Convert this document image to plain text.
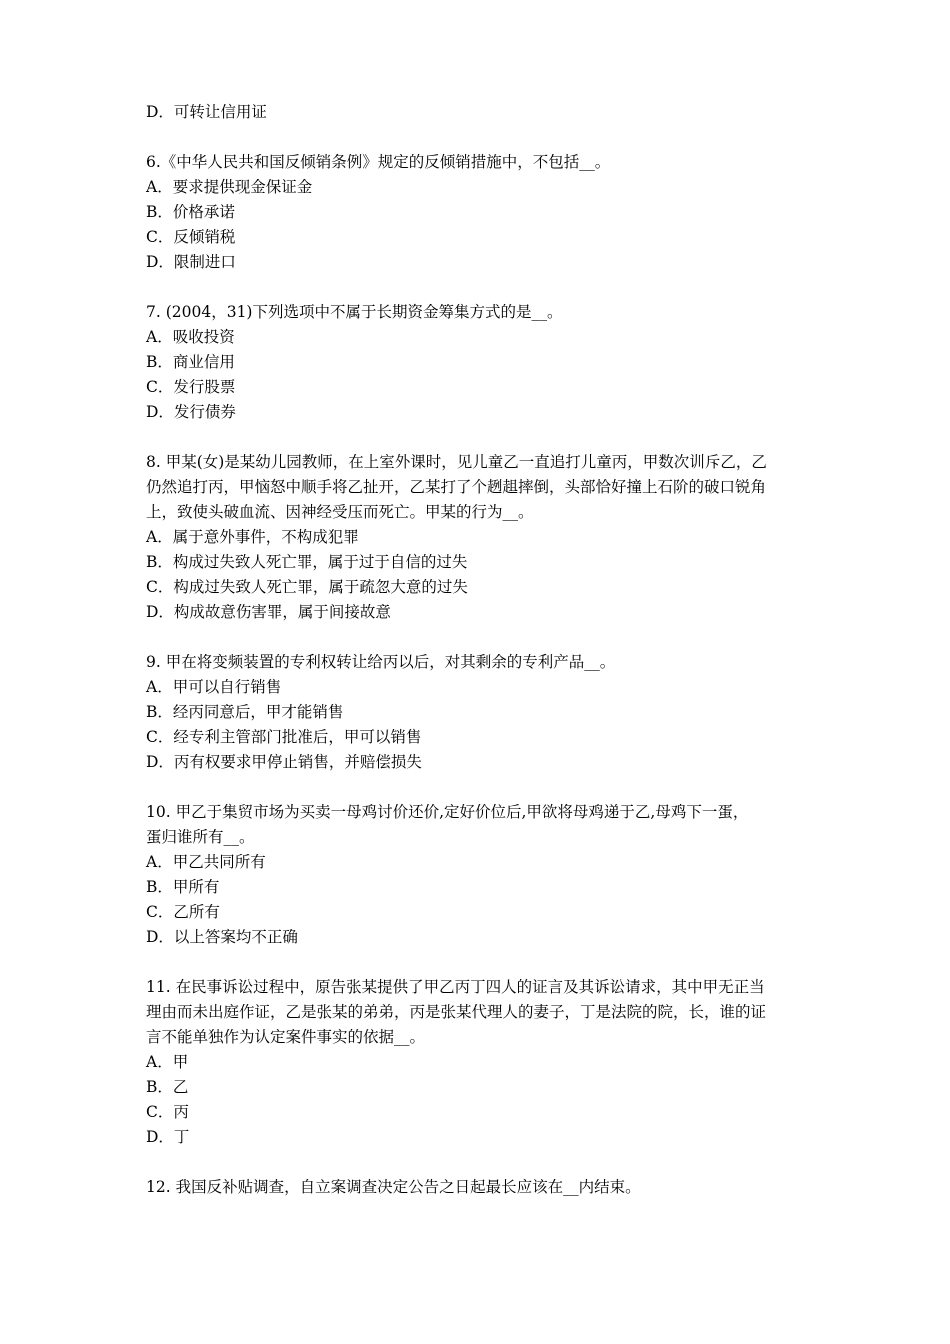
D．可转让信用证
6.《中华人民共和国反倾销条例》规定的反倾销措施中，不包括__。
A．要求提供现金保证金
B．价格承诺
C．反倾销税
D．限制进口
7. (2004，31)下列选项中不属于长期资金筹集方式的是__。
A．吸收投资
B．商业信用
C．发行股票
D．发行债券
8. 甲某(女)是某幼儿园教师，在上室外课时，见儿童乙一直追打儿童丙，甲数次训斥乙，乙
仍然追打丙，甲恼怒中顺手将乙扯开，乙某打了个趔趄摔倒，头部恰好撞上石阶的破口锐角
上，致使头破血流、因神经受压而死亡。甲某的行为__。
A．属于意外事件，不构成犯罪
B．构成过失致人死亡罪，属于过于自信的过失
C．构成过失致人死亡罪，属于疏忽大意的过失
D．构成故意伤害罪，属于间接故意
9. 甲在将变频装置的专利权转让给丙以后，对其剩余的专利产品__。
A．甲可以自行销售
B．经丙同意后，甲才能销售
C．经专利主管部门批准后，甲可以销售
D．丙有权要求甲停止销售，并赔偿损失
10. 甲乙于集贸市场为买卖一母鸡讨价还价,定好价位后,甲欲将母鸡递于乙,母鸡下一蛋，
蛋归谁所有__。
A．甲乙共同所有
B．甲所有
C．乙所有
D．以上答案均不正确
11. 在民事诉讼过程中，原告张某提供了甲乙丙丁四人的证言及其诉讼请求，其中甲无正当
理由而未出庭作证，乙是张某的弟弟，丙是张某代理人的妻子，丁是法院的院，长，谁的证
言不能单独作为认定案件事实的依据__。
A．甲
B．乙
C．丙
D．丁
12. 我国反补贴调查，自立案调查决定公告之日起最长应该在__内结束。
